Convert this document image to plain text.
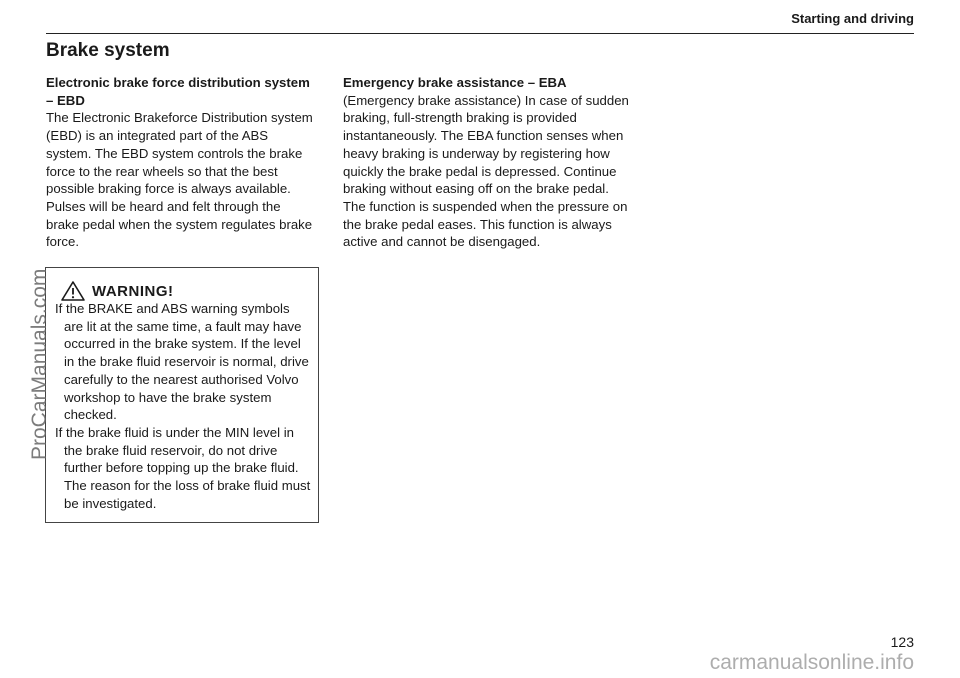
Starting and driving
Brake system
Electronic brake force distribution system – EBD
The Electronic Brakeforce Distribution system (EBD) is an integrated part of the ABS system. The EBD system controls the brake force to the rear wheels so that the best possible braking force is always available. Pulses will be heard and felt through the brake pedal when the system regulates brake force.
WARNING!

If the BRAKE and ABS warning symbols are lit at the same time, a fault may have occurred in the brake system. If the level in the brake fluid reservoir is normal, drive carefully to the nearest authorised Volvo workshop to have the brake system checked.

If the brake fluid is under the MIN level in the brake fluid reservoir, do not drive further before topping up the brake fluid. The reason for the loss of brake fluid must be investigated.

Emergency brake assistance – EBA
(Emergency brake assistance) In case of sudden braking, full-strength braking is provided instantaneously. The EBA function senses when heavy braking is underway by registering how quickly the brake pedal is depressed. Continue braking without easing off on the brake pedal. The function is suspended when the pressure on the brake pedal eases. This function is always active and cannot be disengaged.
ProCarManuals.com
123
carmanualsonline.info
